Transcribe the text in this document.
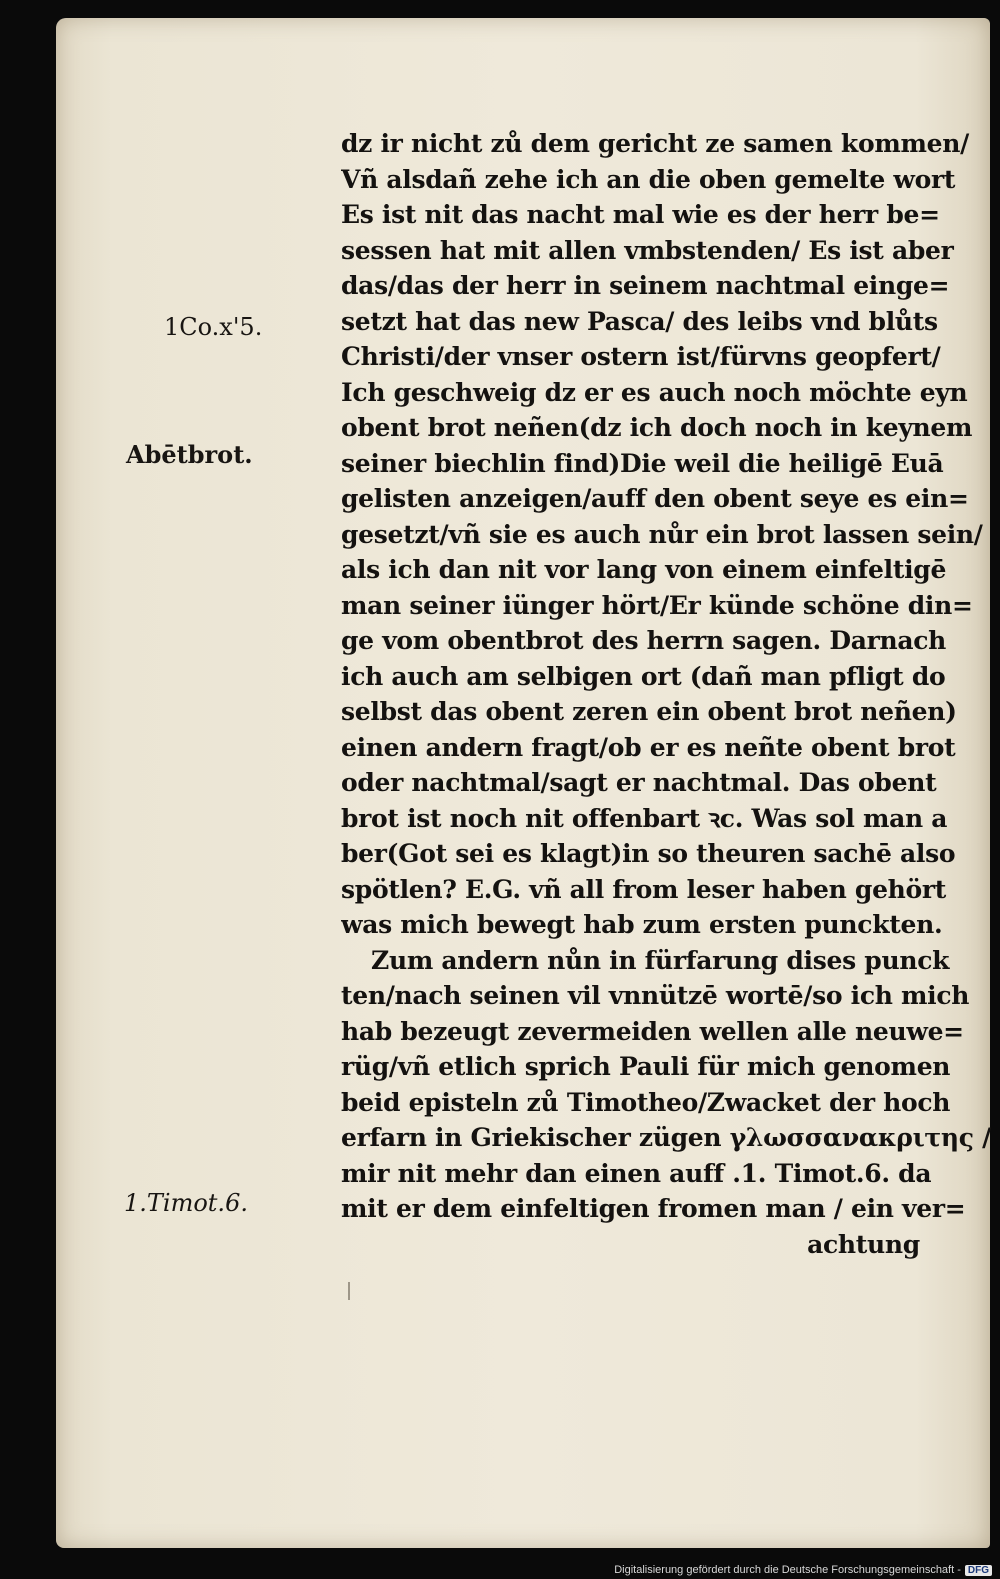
dz ir nicht zů dem gericht ze samen kommen/
Vñ alsdañ zehe ich an die oben gemelte wort
Es ist nit das nacht mal wie es der herr be=
sessen hat mit allen vmbstenden/ Es ist aber
das/das der herr in seinem nachtmal einge=
setzt hat das new Pasca/ des leibs vnd blůts
Christi/der vnser ostern ist/fürvns geopfert/
Ich geschweig dz er es auch noch möchte eyn
obent brot neñen(dz ich doch noch in keynem
seiner biechlin find)Die weil die heiligē Euā
gelisten anzeigen/auff den obent seye es ein=
gesetzt/vñ sie es auch nůr ein brot lassen sein/
als ich dan nit vor lang von einem einfeltigē
man seiner iünger hört/Er künde schöne din=
ge vom obentbrot des herrn sagen. Darnach
ich auch am selbigen ort (dañ man pfligt do
selbst das obent zeren ein obent brot neñen)
einen andern fragt/ob er es neñte obent brot
oder nachtmal/sagt er nachtmal. Das obent
brot ist noch nit offenbart ꝛc. Was sol man a
ber(Got sei es klagt)in so theuren sachē also
spötlen? E.G. vñ all from leser haben gehört
was mich bewegt hab zum ersten punckten.
Zum andern nůn in fürfarung dises punck
ten/nach seinen vil vnnützē wortē/so ich mich
hab bezeugt zevermeiden wellen alle neuwe=
rüg/vñ etlich sprich Pauli für mich genomen
beid episteln zů Timotheo/Zwacket der hoch
erfarn in Griekischer zügen γλωσσανακριτης /
mir nit mehr dan einen auff .1. Timot.6. da
mit er dem einfeltigen fromen man / ein ver=
achtung
1Co.x'5.
Abētbrot.
1.Timot.6.
Digitalisierung gefördert durch die Deutsche Forschungsgemeinschaft - DFG
